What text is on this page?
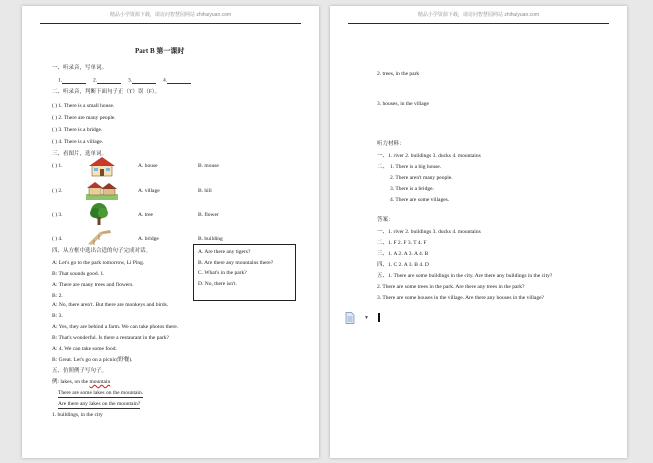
精品小学资源下载，请访问智慧园网站 zhihuiyuan.com
Part B 第一课时
一、听录音，写单词。
1.	2.	3.	4.
二、听录音，判断下面句子正（T）误（F）。
( ) 1. There is a small house.
( ) 2. There are many people.
( ) 3. There is a bridge.
( ) 4. There is a village.
三、看图片，选单词。
( ) 1.	A. house	B. mouse
( ) 2.	A. village	B. hill
( ) 3.	A. tree	B. flower
( ) 4.	A. bridge	B. building
四、从方框中选出合适的句子完成对话。
A: Let's go to the park tomorrow, Li Ping.
B: That sounds good. 1.
A: There are many trees and flowers.
B: 2.
A: No, there aren't. But there are monkeys and birds.
B: 3.
A: Yes, they are behind a farm. We can take photos there.
B: That's wonderful. Is there a restaurant in the park?
A: 4. We can take some food.
B: Great. Let's go on a picnic(野餐).
A. Are there any tigers?
B. Are there any mountains there?
C. What's in the park?
D. No, there isn't.
五、仿照例子写句子。
例: lakes, on the mountain
There are some lakes on the mountain.
Are there any lakes on the mountain?
1. buildings, in the city
精品小学资源下载，请访问智慧园网站 zhihuiyuan.com
2. trees, in the park
3. houses, in the village
听力材料：
一、1. river 2. buildings 3. ducks 4. mountains
二、 1. There is a big house.
2. There aren't many people.
3. There is a bridge.
4. There are some villages.
答案：
一、1. river 2. buildings 3. ducks 4. mountains
二、1. F 2. F 3. T 4. F
三、1. A 2. A 3. A 4. B
四、1. C 2. A 3. B 4. D
五、1. There are some buildings in the city. Are there any buildings in the city?
2. There are some trees in the park. Are there any trees in the park?
3. There are some houses in the village. Are there any houses in the village?
▼
